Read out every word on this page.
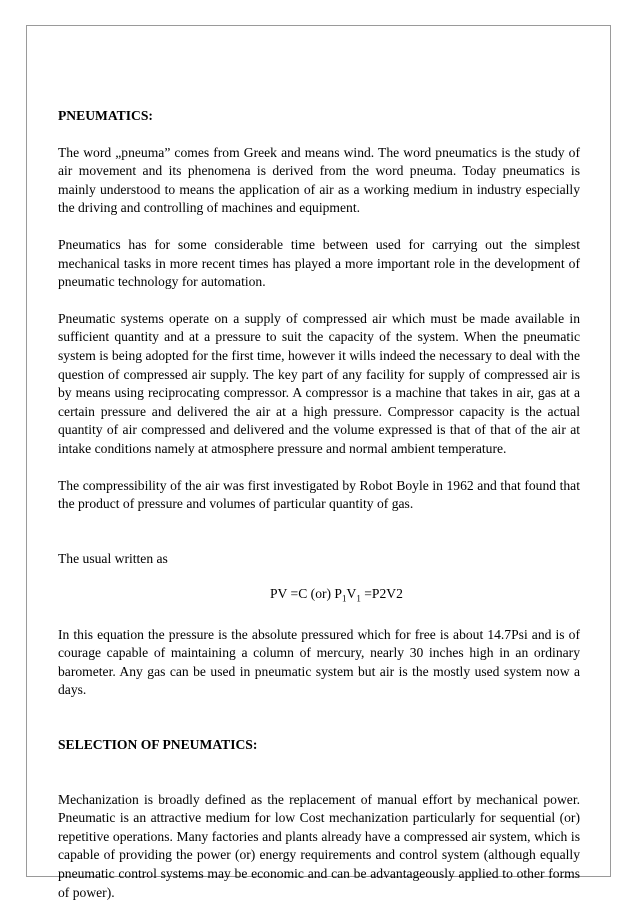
PNEUMATICS:

The word „pneuma” comes from Greek and means wind. The word pneumatics is the study of air movement and its phenomena is derived from the word pneuma. Today pneumatics is mainly understood to means the application of air as a working medium in industry especially the driving and controlling of machines and equipment.

Pneumatics has for some considerable time between used for carrying out the simplest mechanical tasks in more recent times has played a more important role in the development of pneumatic technology for automation.

Pneumatic systems operate on a supply of compressed air which must be made available in sufficient quantity and at a pressure to suit the capacity of the system. When the pneumatic system is being adopted for the first time, however it wills indeed the necessary to deal with the question of compressed air supply. The key part of any facility for supply of compressed air is by means using reciprocating compressor. A compressor is a machine that takes in air, gas at a certain pressure and delivered the air at a high pressure. Compressor capacity is the actual quantity of air compressed and delivered and the volume expressed is that of that of the air at intake conditions namely at atmosphere pressure and normal ambient temperature.

The compressibility of the air was first investigated by Robot Boyle in 1962 and that found that the product of pressure and volumes of particular quantity of gas.

The usual written as

PV =C (or) $P_1V_1 =P2V2$

In this equation the pressure is the absolute pressured which for free is about 14.7Psi and is of courage capable of maintaining a column of mercury, nearly 30 inches high in an ordinary barometer. Any gas can be used in pneumatic system but air is the mostly used system now a days.

SELECTION OF PNEUMATICS:

Mechanization is broadly defined as the replacement of manual effort by mechanical power. Pneumatic is an attractive medium for low Cost mechanization particularly for sequential (or) repetitive operations. Many factories and plants already have a compressed air system, which is capable of providing the power (or) energy requirements and control system (although equally pneumatic control systems may be economic and can be advantageously applied to other forms of power).
